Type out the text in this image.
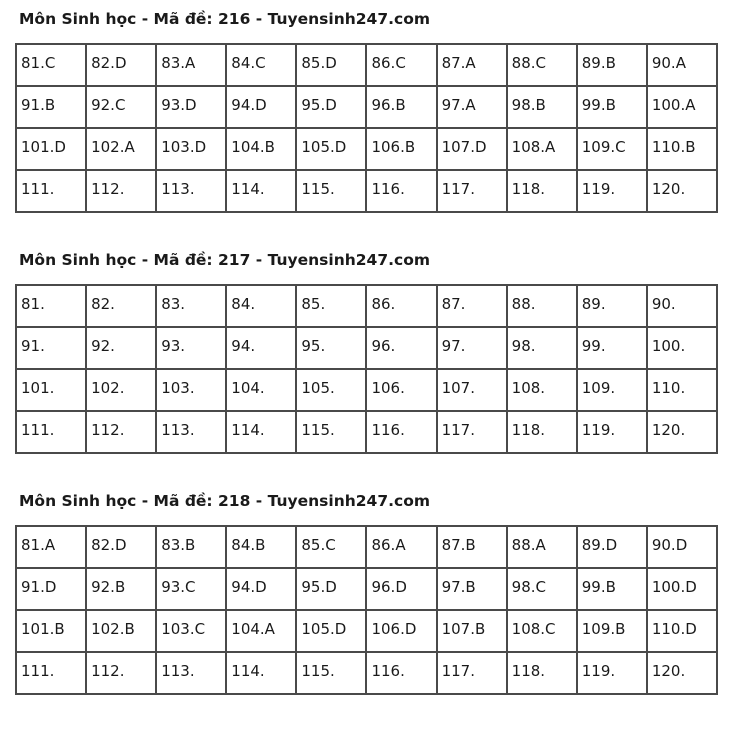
Môn Sinh học - Mã đề: 216 - Tuyensinh247.com
81.C	82.D	83.A	84.C	85.D	86.C	87.A	88.C	89.B	90.A
91.B	92.C	93.D	94.D	95.D	96.B	97.A	98.B	99.B	100.A
101.D	102.A	103.D	104.B	105.D	106.B	107.D	108.A	109.C	110.B
111.	112.	113.	114.	115.	116.	117.	118.	119.	120.
Môn Sinh học - Mã đề: 217 - Tuyensinh247.com
81.	82.	83.	84.	85.	86.	87.	88.	89.	90.
91.	92.	93.	94.	95.	96.	97.	98.	99.	100.
101.	102.	103.	104.	105.	106.	107.	108.	109.	110.
111.	112.	113.	114.	115.	116.	117.	118.	119.	120.
Môn Sinh học - Mã đề: 218 - Tuyensinh247.com
81.A	82.D	83.B	84.B	85.C	86.A	87.B	88.A	89.D	90.D
91.D	92.B	93.C	94.D	95.D	96.D	97.B	98.C	99.B	100.D
101.B	102.B	103.C	104.A	105.D	106.D	107.B	108.C	109.B	110.D
111.	112.	113.	114.	115.	116.	117.	118.	119.	120.
